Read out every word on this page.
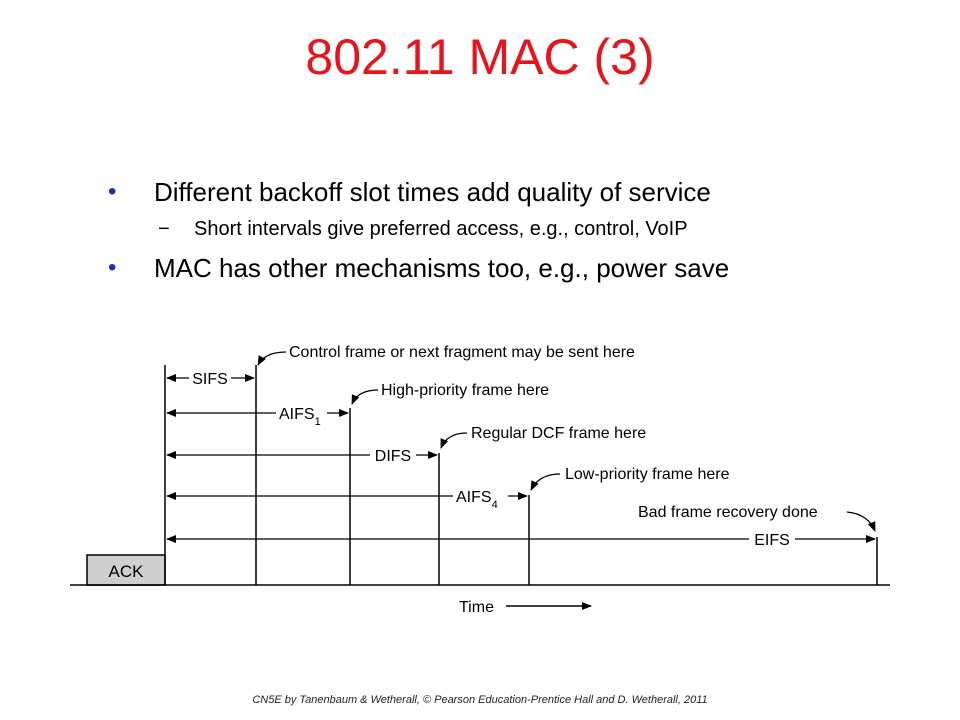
802.11 MAC (3)
• Different backoff slot times add quality of service
− Short intervals give preferred access, e.g., control, VoIP
• MAC has other mechanisms too, e.g., power save
ACK
SIFS
$AIFS_1$
DIFS
$AIFS_4$
EIFS
Control frame or next fragment may be sent here
High-priority frame here
Regular DCF frame here
Low-priority frame here
Bad frame recovery done
Time
CN5E by Tanenbaum & Wetherall, © Pearson Education-Prentice Hall and D. Wetherall, 2011
